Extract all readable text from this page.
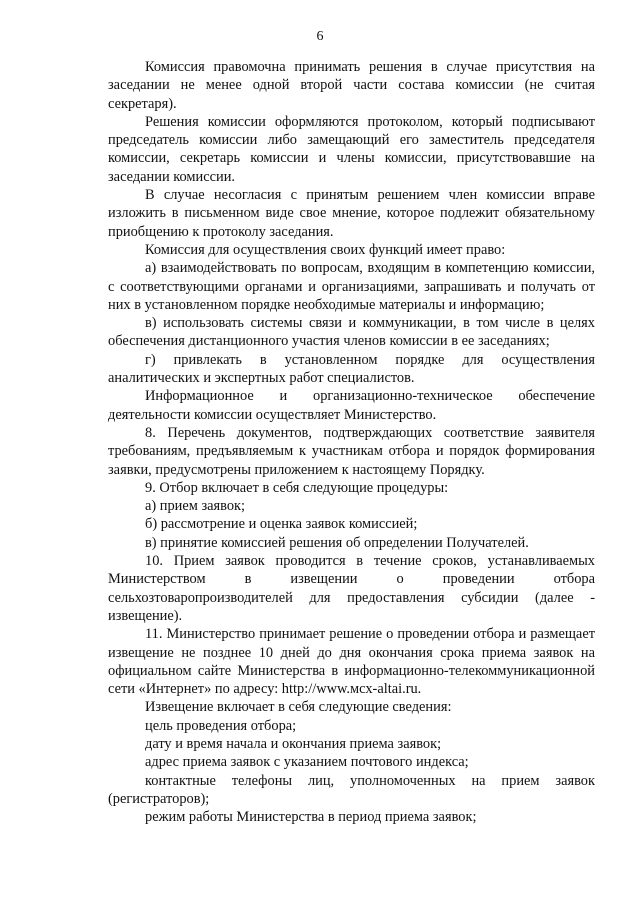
6

Комиссия правомочна принимать решения в случае присутствия на заседании не менее одной второй части состава комиссии (не считая секретаря).

Решения комиссии оформляются протоколом, который подписывают председатель комиссии либо замещающий его заместитель председателя комиссии, секретарь комиссии и члены комиссии, присутствовавшие на заседании комиссии.

В случае несогласия с принятым решением член комиссии вправе изложить в письменном виде свое мнение, которое подлежит обязательному приобщению к протоколу заседания.

Комиссия для осуществления своих функций имеет право:

а) взаимодействовать по вопросам, входящим в компетенцию комиссии, с соответствующими органами и организациями, запрашивать и получать от них в установленном порядке необходимые материалы и информацию;

в) использовать системы связи и коммуникации, в том числе в целях обеспечения дистанционного участия членов комиссии в ее заседаниях;

г) привлекать в установленном порядке для осуществления аналитических и экспертных работ специалистов.

Информационное и организационно-техническое обеспечение деятельности комиссии осуществляет Министерство.

8. Перечень документов, подтверждающих соответствие заявителя требованиям, предъявляемым к участникам отбора и порядок формирования заявки, предусмотрены приложением к настоящему Порядку.

9. Отбор включает в себя следующие процедуры:

а) прием заявок;

б) рассмотрение и оценка заявок комиссией;

в) принятие комиссией решения об определении Получателей.

10. Прием заявок проводится в течение сроков, устанавливаемых Министерством в извещении о проведении отбора сельхозтоваропроизводителей для предоставления субсидии (далее - извещение).

11. Министерство принимает решение о проведении отбора и размещает извещение не позднее 10 дней до дня окончания срока приема заявок на официальном сайте Министерства в информационно-телекоммуникационной сети «Интернет» по адресу: http://www.мсх-altai.ru.

Извещение включает в себя следующие сведения:

цель проведения отбора;

дату и время начала и окончания приема заявок;

адрес приема заявок с указанием почтового индекса;

контактные телефоны лиц, уполномоченных на прием заявок (регистраторов);

режим работы Министерства в период приема заявок;
